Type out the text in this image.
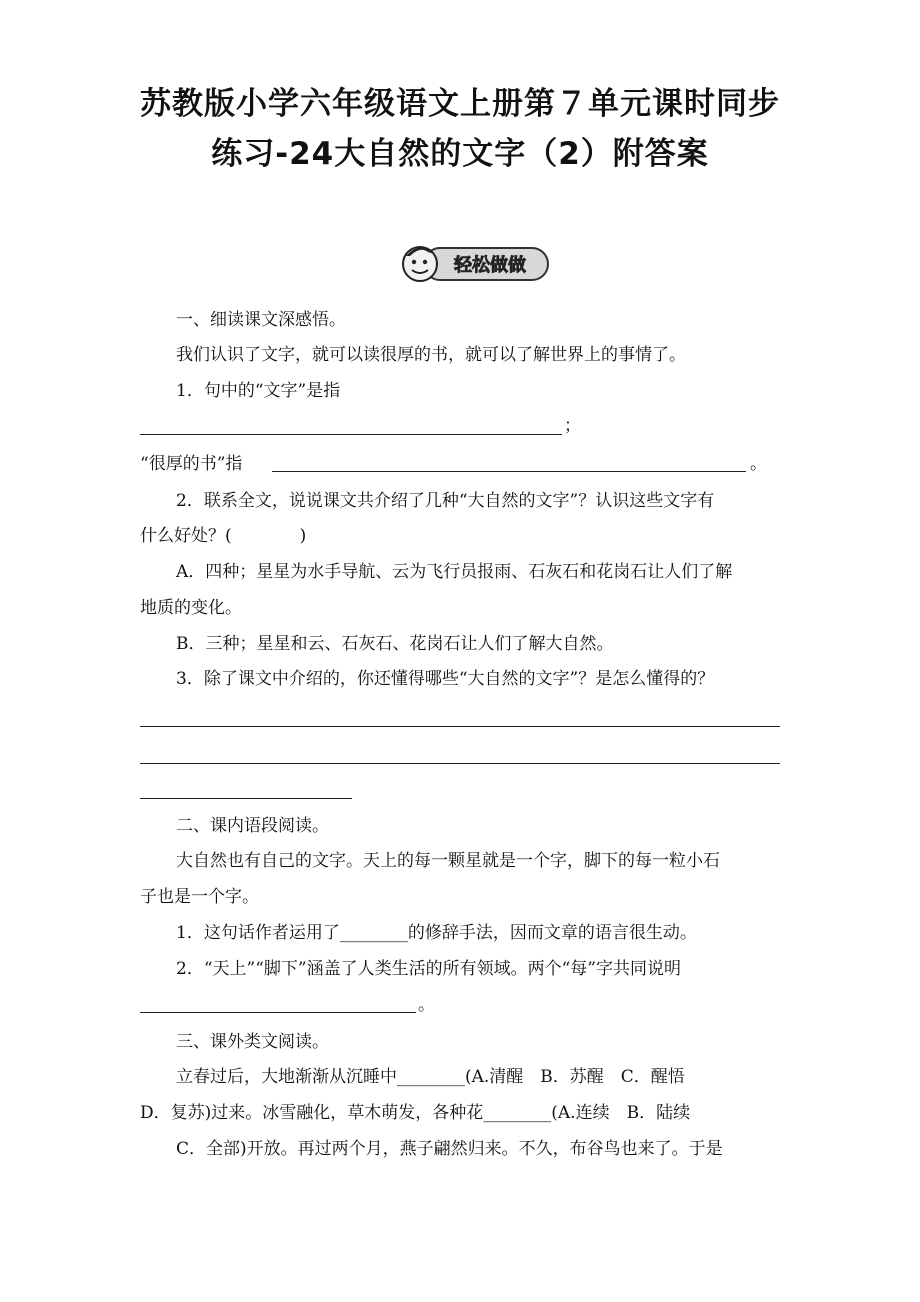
苏教版小学六年级语文上册第７单元课时同步
练习-24大自然的文字（2）附答案
轻松做做
一、细读课文深感悟。
我们认识了文字，就可以读很厚的书，就可以了解世界上的事情了。
1．句中的“文字”是指
；
“很厚的书”指	。
2．联系全文，说说课文共介绍了几种“大自然的文字”？认识这些文字有
什么好处？(　　　　)
A．四种；星星为水手导航、云为飞行员报雨、石灰石和花岗石让人们了解
地质的变化。
B．三种；星星和云、石灰石、花岗石让人们了解大自然。
3．除了课文中介绍的，你还懂得哪些“大自然的文字”？是怎么懂得的？
二、课内语段阅读。
大自然也有自己的文字。天上的每一颗星就是一个字，脚下的每一粒小石
子也是一个字。
1．这句话作者运用了________的修辞手法，因而文章的语言很生动。
2．“天上”“脚下”涵盖了人类生活的所有领域。两个“每”字共同说明
。
三、课外类文阅读。
立春过后，大地渐渐从沉睡中________(A.清醒　B．苏醒　C．醒悟
D．复苏)过来。冰雪融化，草木萌发，各种花________(A.连续　B．陆续
C．全部)开放。再过两个月，燕子翩然归来。不久，布谷鸟也来了。于是
